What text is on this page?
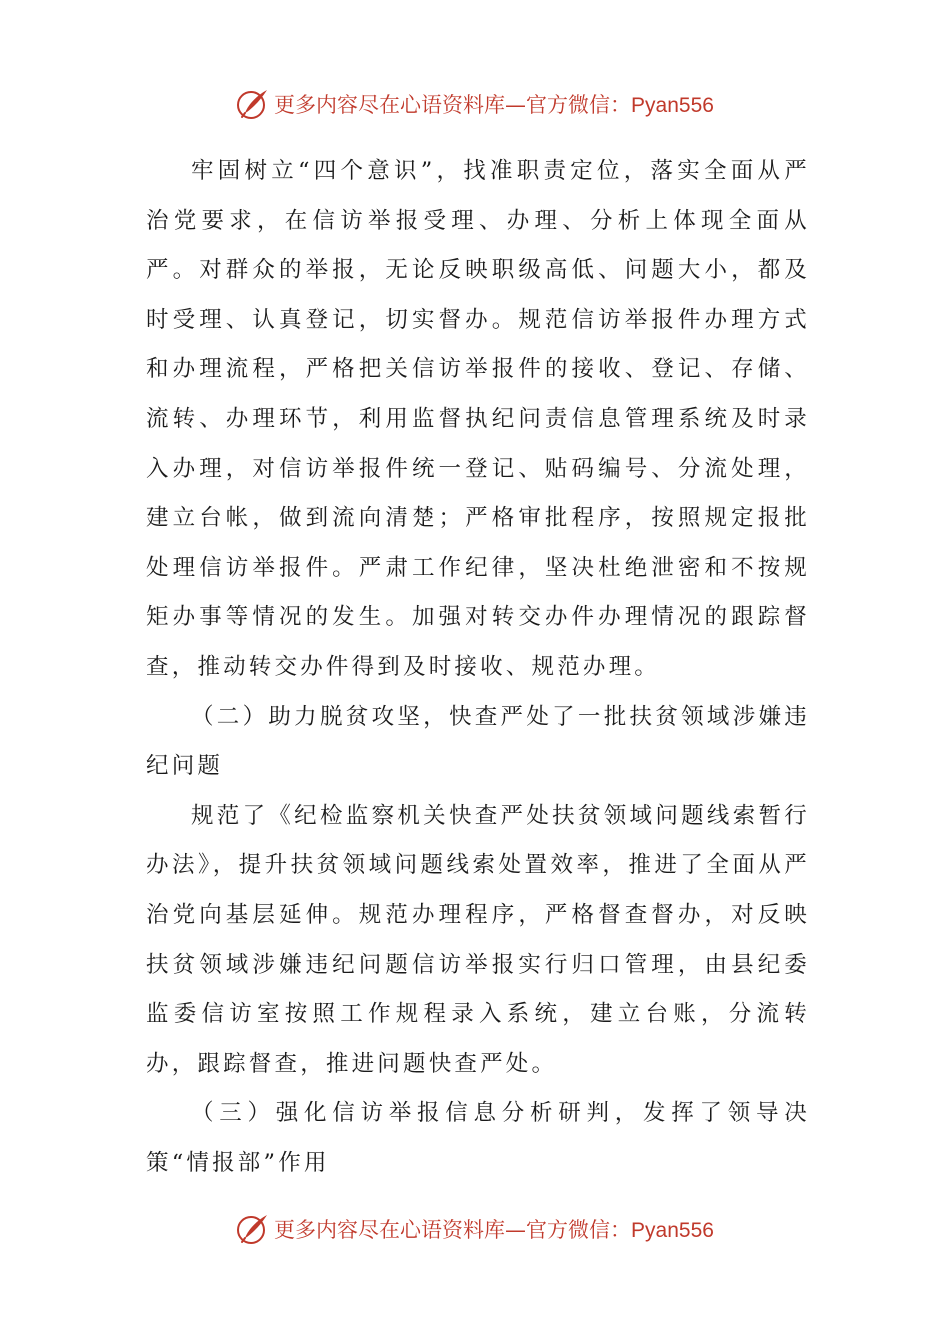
更多内容尽在心语资料库—官方微信：Pyan556

牢固树立“四个意识”，找准职责定位，落实全面从严治党要求，在信访举报受理、办理、分析上体现全面从严。对群众的举报，无论反映职级高低、问题大小，都及时受理、认真登记，切实督办。规范信访举报件办理方式和办理流程，严格把关信访举报件的接收、登记、存储、流转、办理环节，利用监督执纪问责信息管理系统及时录入办理，对信访举报件统一登记、贴码编号、分流处理，建立台帐，做到流向清楚；严格审批程序，按照规定报批处理信访举报件。严肃工作纪律，坚决杜绝泄密和不按规矩办事等情况的发生。加强对转交办件办理情况的跟踪督查，推动转交办件得到及时接收、规范办理。

（二）助力脱贫攻坚，快查严处了一批扶贫领域涉嫌违纪问题

规范了《纪检监察机关快查严处扶贫领域问题线索暂行办法》，提升扶贫领域问题线索处置效率，推进了全面从严治党向基层延伸。规范办理程序，严格督查督办，对反映扶贫领域涉嫌违纪问题信访举报实行归口管理，由县纪委监委信访室按照工作规程录入系统，建立台账，分流转办，跟踪督查，推进问题快查严处。

（三）强化信访举报信息分析研判，发挥了领导决策“情报部”作用

更多内容尽在心语资料库—官方微信：Pyan556
